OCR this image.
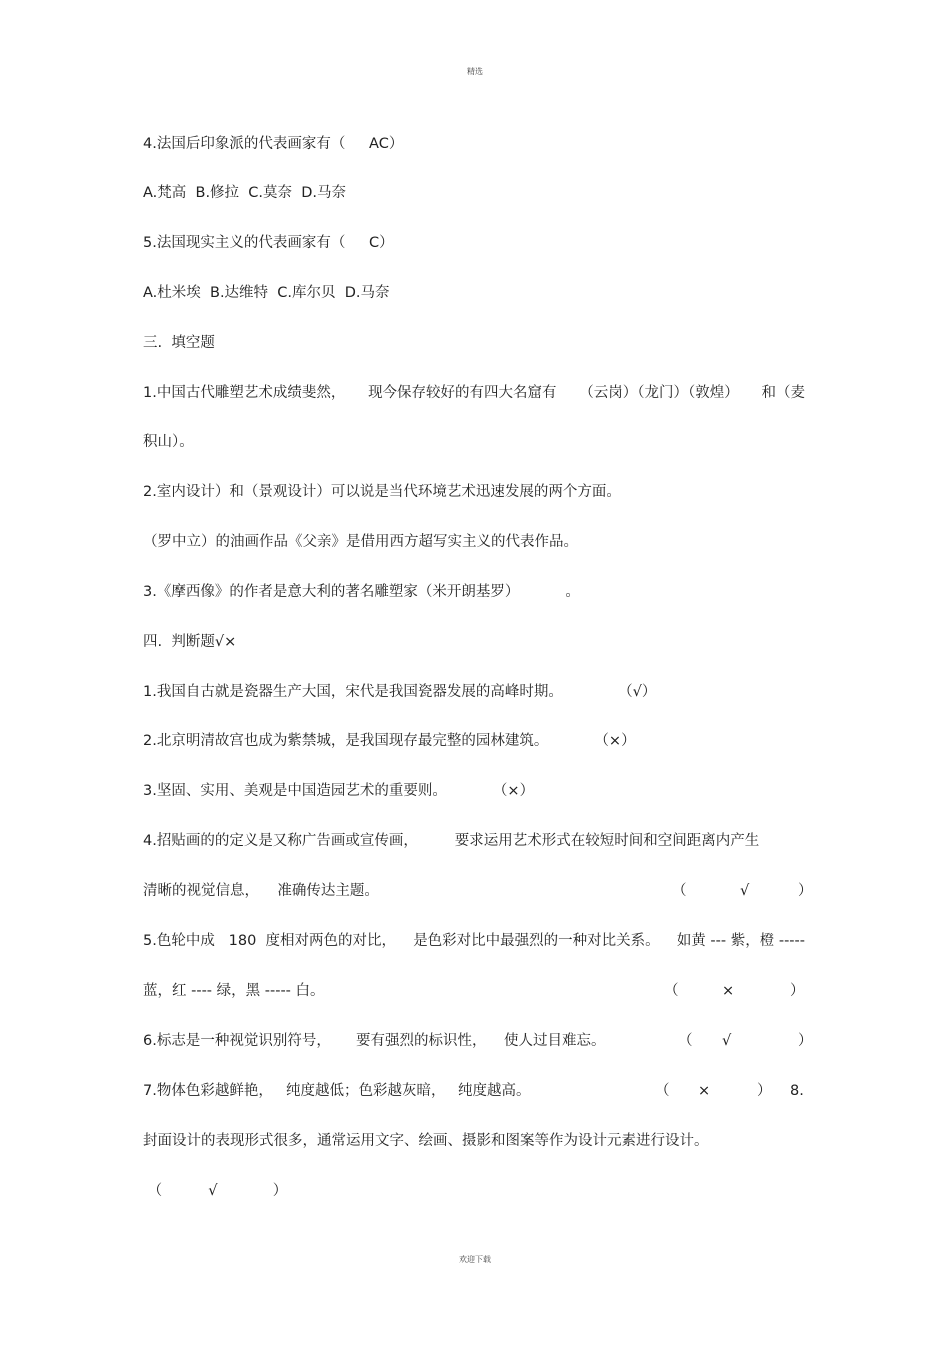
精选
4.法国后印象派的代表画家有（　  AC）
A.梵高  B.修拉  C.莫奈  D.马奈
5.法国现实主义的代表画家有（　  C）
A.杜米埃  B.达维特  C.库尔贝  D.马奈
三.  填空题
1.中国古代雕塑艺术成绩斐然， 现今保存较好的有四大名窟有 （云岗）（龙门）（敦煌） 和（麦
积山）。
2.室内设计）和（景观设计）可以说是当代环境艺术迅速发展的两个方面。
（罗中立）的油画作品《父亲》是借用西方超写实主义的代表作品。
3.《摩西像》的作者是意大利的著名雕塑家（米开朗基罗）          。
四.  判断题√×
1.我国自古就是瓷器生产大国，宋代是我国瓷器发展的高峰时期。            （√）
2.北京明清故宫也成为紫禁城，是我国现存最完整的园林建筑。          （×）
3.坚固、实用、美观是中国造园艺术的重要则。          （×）
4.招贴画的的定义是又称广告画或宣传画，        要求运用艺术形式在较短时间和空间距离内产生
清晰的视觉信息，    准确传达主题。	（	√	）
5.色轮中成   180  度相对两色的对比， 是色彩对比中最强烈的一种对比关系。 如黄 --- 紫，橙 -----
蓝，红 ---- 绿，黑 ----- 白。	（	×	）
6.标志是一种视觉识别符号， 要有强烈的标识性， 使人过目难忘。	（ √	）
7.物体色彩越鲜艳， 纯度越低；色彩越灰暗， 纯度越高。	（ ×	） 8.
封面设计的表现形式很多，通常运用文字、绘画、摄影和图案等作为设计元素进行设计。
（          √            ）
欢迎下载
